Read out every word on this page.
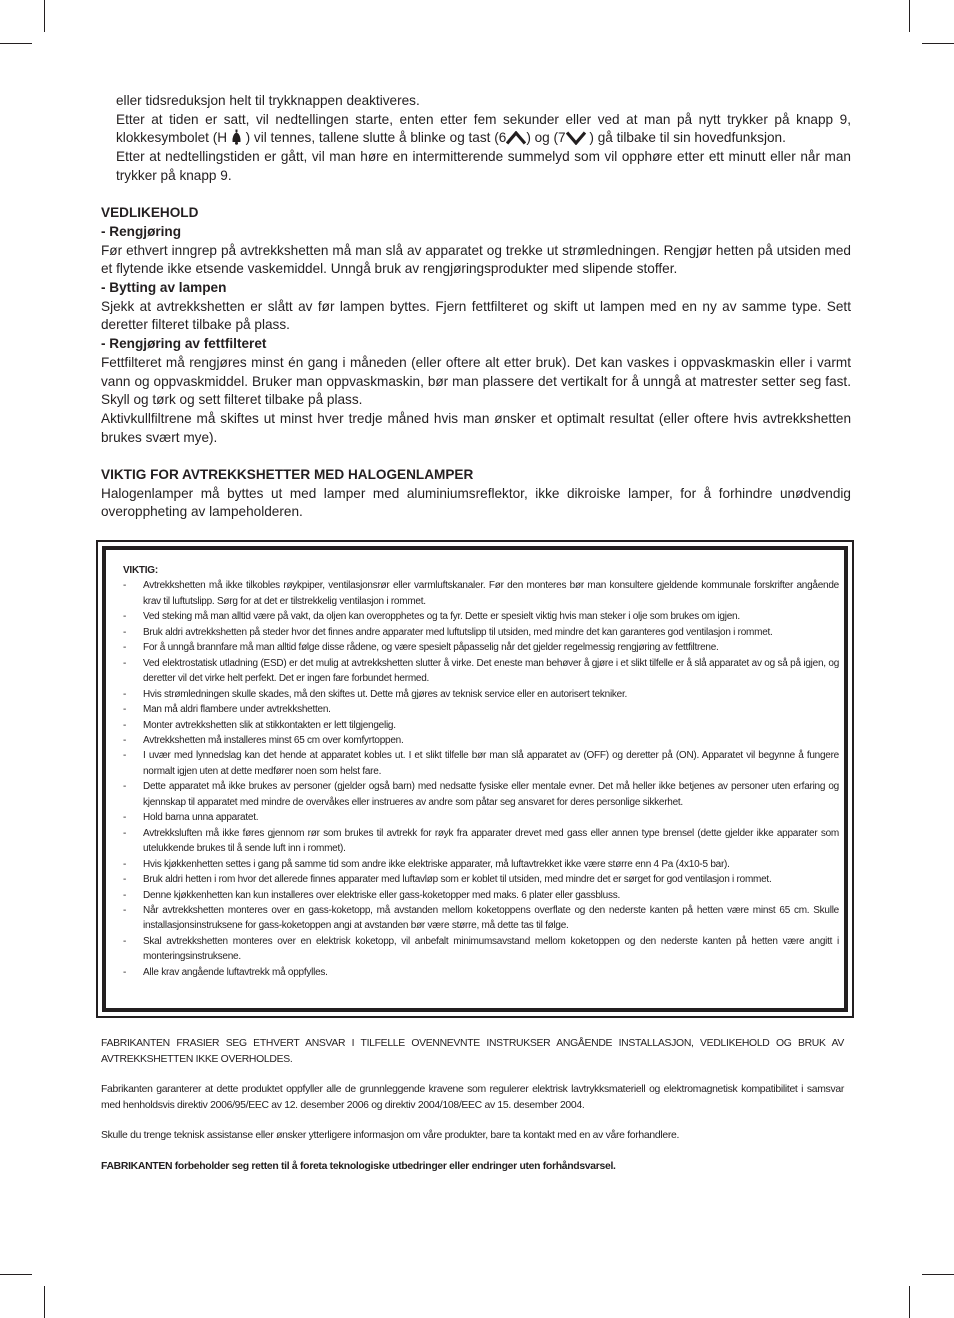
eller tidsreduksjon helt til trykknappen deaktiveres.

Etter at tiden er satt, vil nedtellingen starte, enten etter fem sekunder eller ved at man på nytt trykker på knapp 9, klokkesymbolet (H ) vil tennes, tallene slutte å blinke og tast (6 ) og (7 ) gå tilbake til sin hovedfunksjon.

Etter at nedtellingstiden er gått, vil man høre en intermitterende summelyd som vil opphøre etter ett minutt eller når man trykker på knapp 9.

VEDLIKEHOLD

- Rengjøring

Før ethvert inngrep på avtrekkshetten må man slå av apparatet og trekke ut strømledningen. Rengjør hetten på utsiden med et flytende ikke etsende vaskemiddel. Unngå bruk av rengjøringsprodukter med slipende stoffer.

- Bytting av lampen

Sjekk at avtrekkshetten er slått av før lampen byttes. Fjern fettfilteret og skift ut lampen med en ny av samme type. Sett deretter filteret tilbake på plass.

- Rengjøring av fettfilteret

Fettfilteret må rengjøres minst én gang i måneden (eller oftere alt etter bruk). Det kan vaskes i oppvaskmaskin eller i varmt vann og oppvaskmiddel. Bruker man oppvaskmaskin, bør man plassere det vertikalt for å unngå at matrester setter seg fast. Skyll og tørk og sett filteret tilbake på plass.

Aktivkullfiltrene må skiftes ut minst hver tredje måned hvis man ønsker et optimalt resultat (eller oftere hvis avtrekkshetten brukes svært mye).

VIKTIG FOR AVTREKKSHETTER MED HALOGENLAMPER

Halogenlamper må byttes ut med lamper med aluminiumsreflektor, ikke dikroiske lamper, for å forhindre unødvendig overoppheting av lampeholderen.

VIKTIG:
- Avtrekkshetten må ikke tilkobles røykpiper, ventilasjonsrør eller varmluftskanaler. Før den monteres bør man konsultere gjeldende kommunale forskrifter angående krav til luftutslipp. Sørg for at det er tilstrekkelig ventilasjon i rommet.
- Ved steking må man alltid være på vakt, da oljen kan overopphetes og ta fyr. Dette er spesielt viktig hvis man steker i olje som brukes om igjen.
- Bruk aldri avtrekkshetten på steder hvor det finnes andre apparater med luftutslipp til utsiden, med mindre det kan garanteres god ventilasjon i rommet.
- For å unngå brannfare må man alltid følge disse rådene, og være spesielt påpasselig når det gjelder regelmessig rengjøring av fettfiltrene.
- Ved elektrostatisk utladning (ESD) er det mulig at avtrekkshetten slutter å virke. Det eneste man behøver å gjøre i et slikt tilfelle er å slå apparatet av og så på igjen, og deretter vil det virke helt perfekt. Det er ingen fare forbundet hermed.
- Hvis strømledningen skulle skades, må den skiftes ut. Dette må gjøres av teknisk service eller en autorisert tekniker.
- Man må aldri flambere under avtrekkshetten.
- Monter avtrekkshetten slik at stikkontakten er lett tilgjengelig.
- Avtrekkshetten må installeres minst 65 cm over komfyrtoppen.
- I uvær med lynnedslag kan det hende at apparatet kobles ut. I et slikt tilfelle bør man slå apparatet av (OFF) og deretter på (ON). Apparatet vil begynne å fungere normalt igjen uten at dette medfører noen som helst fare.
- Dette apparatet må ikke brukes av personer (gjelder også barn) med nedsatte fysiske eller mentale evner. Det må heller ikke betjenes av personer uten erfaring og kjennskap til apparatet med mindre de overvåkes eller instrueres av andre som påtar seg ansvaret for deres personlige sikkerhet.
- Hold barna unna apparatet.
- Avtrekksluften må ikke føres gjennom rør som brukes til avtrekk for røyk fra apparater drevet med gass eller annen type brensel (dette gjelder ikke apparater som utelukkende brukes til å sende luft inn i rommet).
- Hvis kjøkkenhetten settes i gang på samme tid som andre ikke elektriske apparater, må luftavtrekket ikke være større enn 4 Pa (4x10-5 bar).
- Bruk aldri hetten i rom hvor det allerede finnes apparater med luftavløp som er koblet til utsiden, med mindre det er sørget for god ventilasjon i rommet.
- Denne kjøkkenhetten kan kun installeres over elektriske eller gass-koketopper med maks. 6 plater eller gassbluss.
- Når avtrekkshetten monteres over en gass-koketopp, må avstanden mellom koketoppens overflate og den nederste kanten på hetten være minst 65 cm. Skulle installasjonsinstruksene for gass-koketoppen angi at avstanden bør være større, må dette tas til følge.
- Skal avtrekkshetten monteres over en elektrisk koketopp, vil anbefalt minimumsavstand mellom koketoppen og den nederste kanten på hetten være angitt i monteringsinstruksene.
- Alle krav angående luftavtrekk må oppfylles.

FABRIKANTEN FRASIER SEG ETHVERT ANSVAR I TILFELLE OVENNEVNTE INSTRUKSER ANGÅENDE INSTALLASJON, VEDLIKEHOLD OG BRUK AV AVTREKKSHETTEN IKKE OVERHOLDES.

Fabrikanten garanterer at dette produktet oppfyller alle de grunnleggende kravene som regulerer elektrisk lavtrykksmateriell og elektromagnetisk kompatibilitet i samsvar med henholdsvis direktiv 2006/95/EEC av 12. desember 2006 og direktiv 2004/108/EEC av 15. desember 2004.

Skulle du trenge teknisk assistanse eller ønsker ytterligere informasjon om våre produkter, bare ta kontakt med en av våre forhandlere.

FABRIKANTEN forbeholder seg retten til å foreta teknologiske utbedringer eller endringer uten forhåndsvarsel.
